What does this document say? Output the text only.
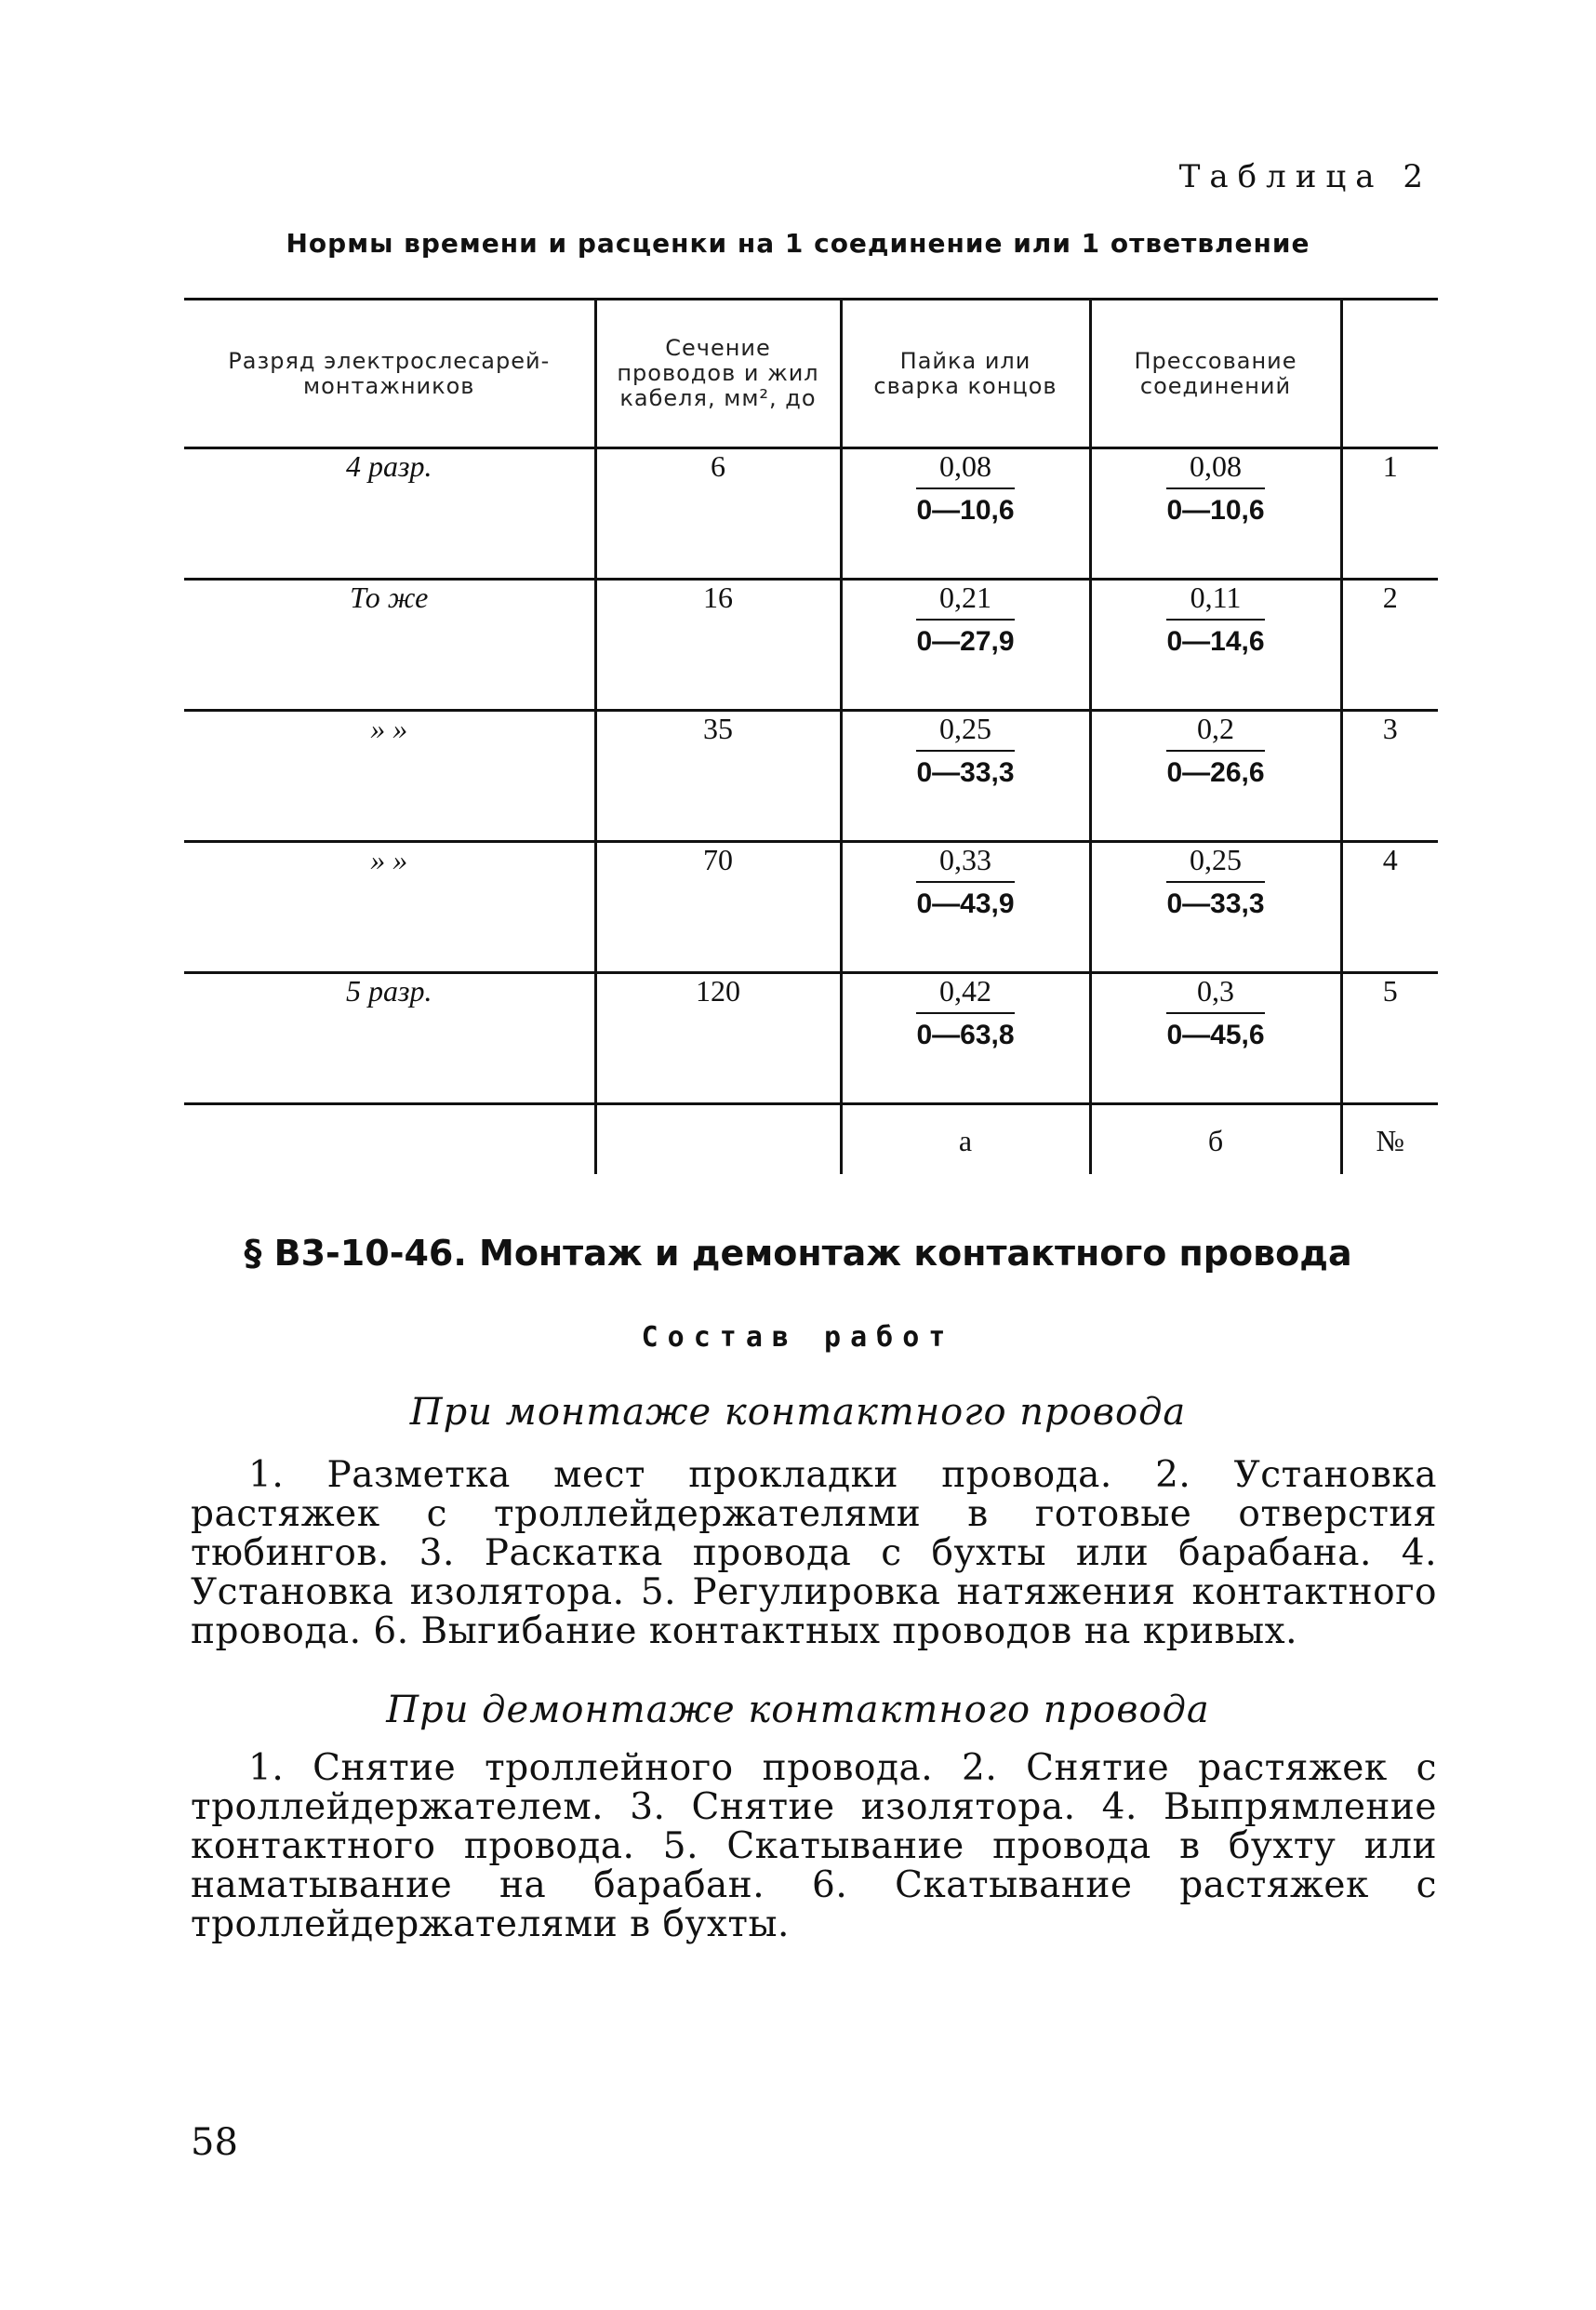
Таблица 2
Нормы времени и расценки на 1 соединение или 1 ответвление
Разряд электрослесарей-монтажников	Сечение проводов и жил кабеля, мм², до	Пайка или сварка концов	Прессование соединений	
4 разр.	6	$\frac{0,08}{0—10,6}$	$\frac{0,08}{0—10,6}$	1
То же	16	$\frac{0,21}{0—27,9}$	$\frac{0,11}{0—14,6}$	2
» »	35	$\frac{0,25}{0—33,3}$	$\frac{0,2}{0—26,6}$	3
» »	70	$\frac{0,33}{0—43,9}$	$\frac{0,25}{0—33,3}$	4
5 разр.	120	$\frac{0,42}{0—63,8}$	$\frac{0,3}{0—45,6}$	5
		а	б	№
§ В3-10-46. Монтаж и демонтаж контактного провода
Состав работ
При монтаже контактного провода

1. Разметка мест прокладки провода. 2. Установка растяжек с троллейдержателями в готовые отверстия тюбингов. 3. Раскатка провода с бухты или барабана. 4. Установка изолятора. 5. Регулировка натяжения контактного провода. 6. Выгибание контактных проводов на кривых.

При демонтаже контактного провода

1. Снятие троллейного провода. 2. Снятие растяжек с троллейдержателем. 3. Снятие изолятора. 4. Выпрямление контактного провода. 5. Скатывание провода в бухту или наматывание на барабан. 6. Скатывание растяжек с троллейдержателями в бухты.

58
